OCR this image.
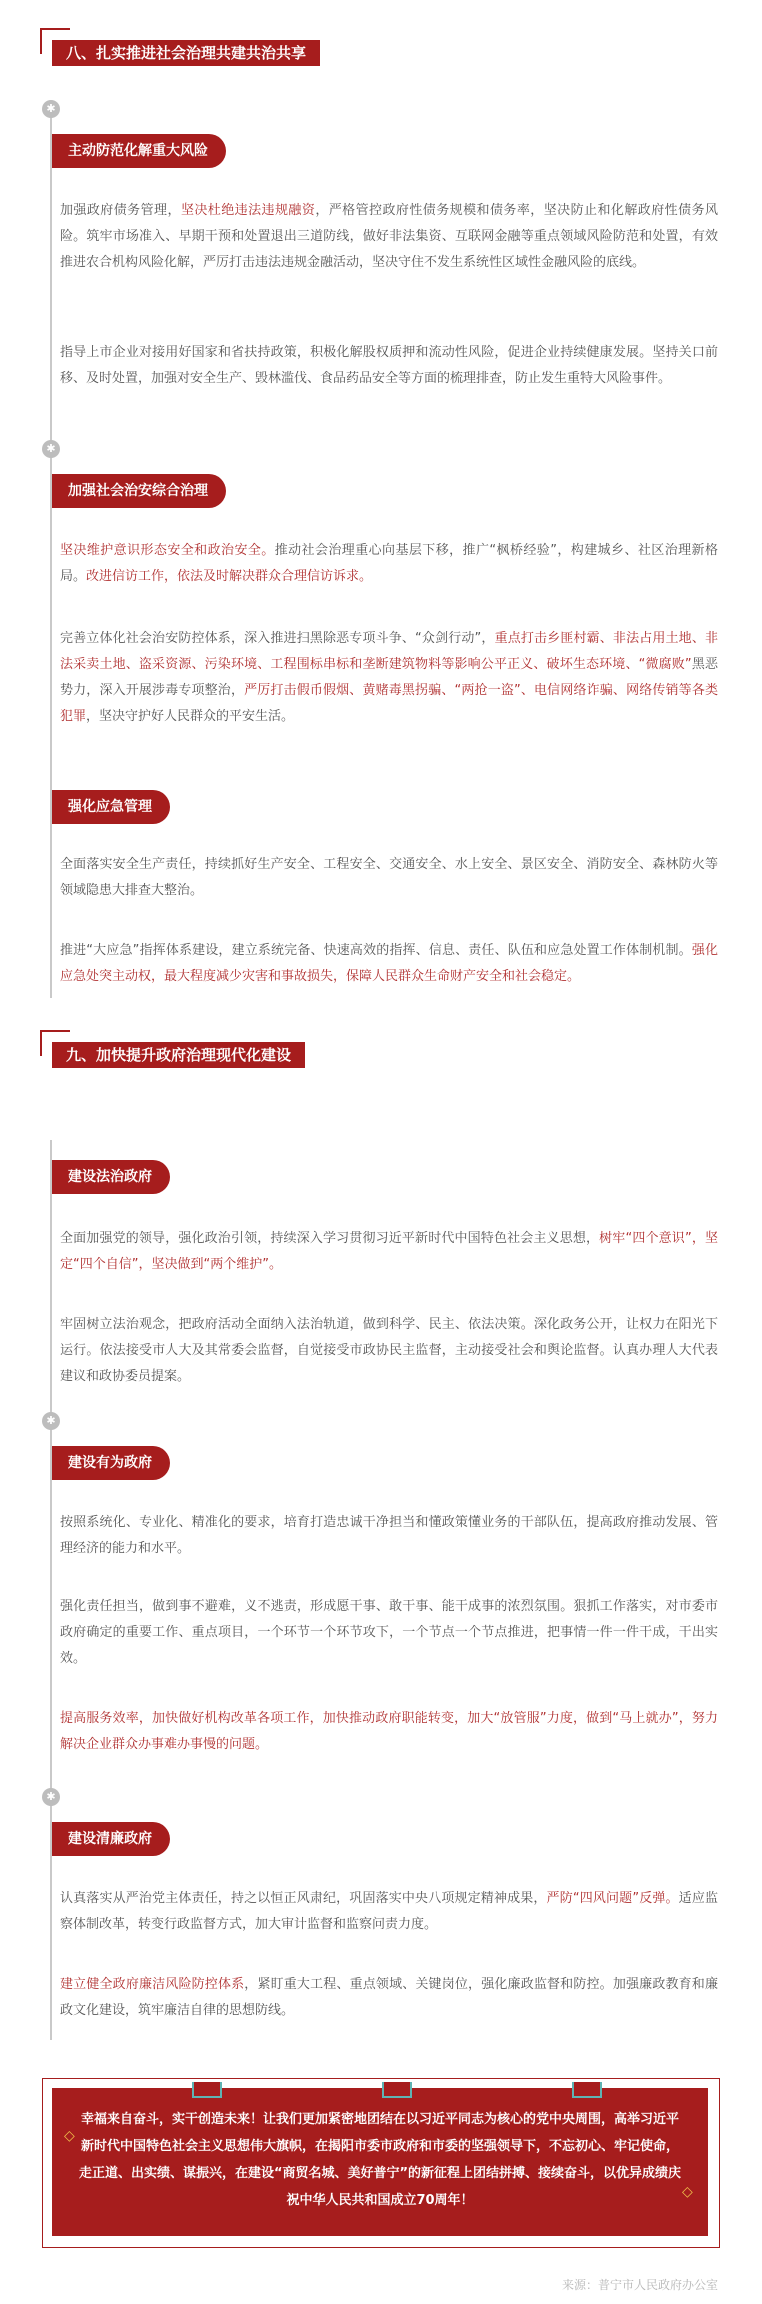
八、扎实推进社会治理共建共治共享
✱
主动防范化解重大风险
加强政府债务管理，坚决杜绝违法违规融资，严格管控政府性债务规模和债务率，坚决防止和化解政府性债务风险。筑牢市场准入、早期干预和处置退出三道防线，做好非法集资、互联网金融等重点领域风险防范和处置，有效推进农合机构风险化解，严厉打击违法违规金融活动，坚决守住不发生系统性区域性金融风险的底线。
指导上市企业对接用好国家和省扶持政策，积极化解股权质押和流动性风险，促进企业持续健康发展。坚持关口前移、及时处置，加强对安全生产、毁林滥伐、食品药品安全等方面的梳理排查，防止发生重特大风险事件。
✱
加强社会治安综合治理
坚决维护意识形态安全和政治安全。推动社会治理重心向基层下移，推广“枫桥经验”，构建城乡、社区治理新格局。改进信访工作，依法及时解决群众合理信访诉求。
完善立体化社会治安防控体系，深入推进扫黑除恶专项斗争、“众剑行动”，重点打击乡匪村霸、非法占用土地、非法采卖土地、盗采资源、污染环境、工程围标串标和垄断建筑物料等影响公平正义、破坏生态环境、“微腐败”黑恶势力，深入开展涉毒专项整治，严厉打击假币假烟、黄赌毒黑拐骗、“两抢一盗”、电信网络诈骗、网络传销等各类犯罪，坚决守护好人民群众的平安生活。
强化应急管理
全面落实安全生产责任，持续抓好生产安全、工程安全、交通安全、水上安全、景区安全、消防安全、森林防火等领域隐患大排查大整治。
推进“大应急”指挥体系建设，建立系统完备、快速高效的指挥、信息、责任、队伍和应急处置工作体制机制。强化应急处突主动权，最大程度减少灾害和事故损失，保障人民群众生命财产安全和社会稳定。
九、加快提升政府治理现代化建设
建设法治政府
全面加强党的领导，强化政治引领，持续深入学习贯彻习近平新时代中国特色社会主义思想，树牢“四个意识”，坚定“四个自信”，坚决做到“两个维护”。
牢固树立法治观念，把政府活动全面纳入法治轨道，做到科学、民主、依法决策。深化政务公开，让权力在阳光下运行。依法接受市人大及其常委会监督，自觉接受市政协民主监督，主动接受社会和舆论监督。认真办理人大代表建议和政协委员提案。
✱
建设有为政府
按照系统化、专业化、精准化的要求，培育打造忠诚干净担当和懂政策懂业务的干部队伍，提高政府推动发展、管理经济的能力和水平。
强化责任担当，做到事不避难，义不逃责，形成愿干事、敢干事、能干成事的浓烈氛围。狠抓工作落实，对市委市政府确定的重要工作、重点项目，一个环节一个环节攻下，一个节点一个节点推进，把事情一件一件干成，干出实效。
提高服务效率，加快做好机构改革各项工作，加快推动政府职能转变，加大“放管服”力度，做到“马上就办”，努力解决企业群众办事难办事慢的问题。
✱
建设清廉政府
认真落实从严治党主体责任，持之以恒正风肃纪，巩固落实中央八项规定精神成果，严防“四风问题”反弹。适应监察体制改革，转变行政监督方式，加大审计监督和监察问责力度。
建立健全政府廉洁风险防控体系，紧盯重大工程、重点领域、关键岗位，强化廉政监督和防控。加强廉政教育和廉政文化建设，筑牢廉洁自律的思想防线。
◇
◇
幸福来自奋斗，实干创造未来！让我们更加紧密地团结在以习近平同志为核心的党中央周围，高举习近平新时代中国特色社会主义思想伟大旗帜，在揭阳市委市政府和市委的坚强领导下，不忘初心、牢记使命，走正道、出实绩、谋振兴，在建设“商贸名城、美好普宁”的新征程上团结拼搏、接续奋斗，以优异成绩庆祝中华人民共和国成立70周年！
来源：普宁市人民政府办公室
